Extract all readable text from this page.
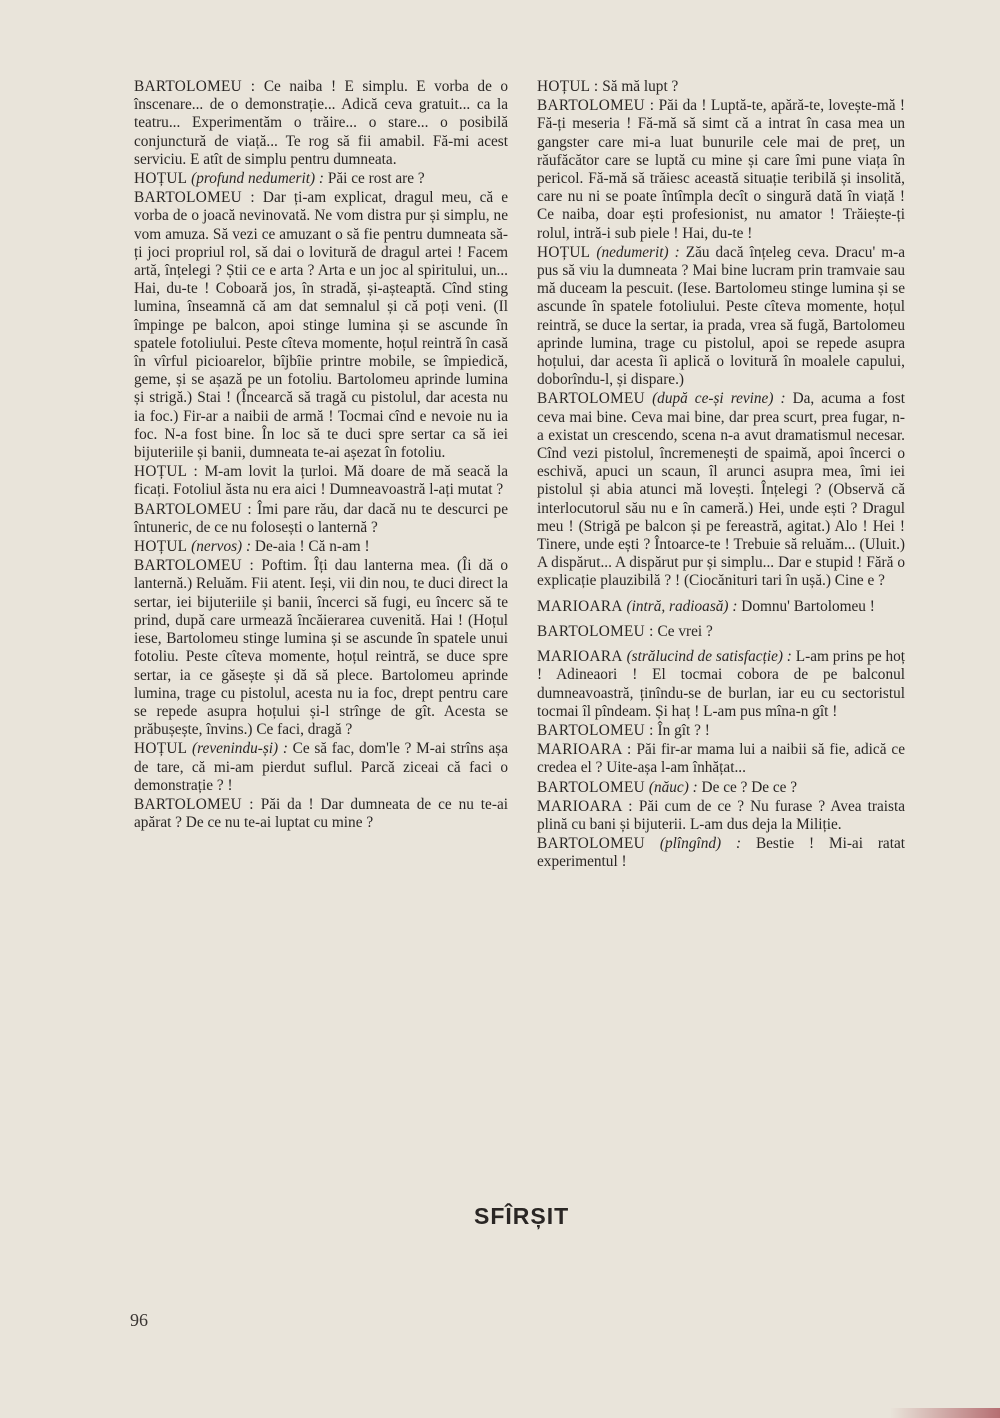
BARTOLOMEU : Ce naiba ! E simplu. E vorba de o înscenare... de o demonstrație... Adică ceva gratuit... ca la teatru... Experimentăm o trăire... o stare... o posibilă conjunctură de viață... Te rog să fii amabil. Fă-mi acest serviciu. E atît de simplu pentru dumneata.

HOȚUL (profund nedumerit) : Păi ce rost are ?

BARTOLOMEU : Dar ți-am explicat, dragul meu, că e vorba de o joacă nevinovată. Ne vom distra pur și simplu, ne vom amuza. Să vezi ce amuzant o să fie pentru dumneata să-ți joci propriul rol, să dai o lovitură de dragul artei ! Facem artă, înțelegi ? Știi ce e arta ? Arta e un joc al spiritului, un... Hai, du-te ! Coboară jos, în stradă, și-așteaptă. Cînd sting lumina, înseamnă că am dat semnalul și că poți veni. (Il împinge pe balcon, apoi stinge lumina și se ascunde în spatele fotoliului. Peste cîteva momente, hoțul reintră în casă în vîrful picioarelor, bîjbîie printre mobile, se împiedică, geme, și se așază pe un fotoliu. Bartolomeu aprinde lumina și strigă.) Stai ! (Încearcă să tragă cu pistolul, dar acesta nu ia foc.) Fir-ar a naibii de armă ! Tocmai cînd e nevoie nu ia foc. N-a fost bine. În loc să te duci spre sertar ca să iei bijuteriile și banii, dumneata te-ai așezat în fotoliu.

HOȚUL : M-am lovit la țurloi. Mă doare de mă seacă la ficați. Fotoliul ăsta nu era aici ! Dumneavoastră l-ați mutat ?

BARTOLOMEU : Îmi pare rău, dar dacă nu te descurci pe întuneric, de ce nu folosești o lanternă ?

HOȚUL (nervos) : De-aia ! Că n-am !

BARTOLOMEU : Poftim. Îți dau lanterna mea. (Îi dă o lanternă.) Reluăm. Fii atent. Ieși, vii din nou, te duci direct la sertar, iei bijuteriile și banii, încerci să fugi, eu încerc să te prind, după care urmează încăierarea cuvenită. Hai ! (Hoțul iese, Bartolomeu stinge lumina și se ascunde în spatele unui fotoliu. Peste cîteva momente, hoțul reintră, se duce spre sertar, ia ce găsește și dă să plece. Bartolomeu aprinde lumina, trage cu pistolul, acesta nu ia foc, drept pentru care se repede asupra hoțului și-l strînge de gît. Acesta se prăbușește, învins.) Ce faci, dragă ?

HOȚUL (revenindu-și) : Ce să fac, dom'le ? M-ai strîns așa de tare, că mi-am pierdut suflul. Parcă ziceai că faci o demonstrație ? !

BARTOLOMEU : Păi da ! Dar dumneata de ce nu te-ai apărat ? De ce nu te-ai luptat cu mine ?

HOȚUL : Să mă lupt ?

BARTOLOMEU : Păi da ! Luptă-te, apără-te, lovește-mă ! Fă-ți meseria ! Fă-mă să simt că a intrat în casa mea un gangster care mi-a luat bunurile cele mai de preț, un răufăcător care se luptă cu mine și care îmi pune viața în pericol. Fă-mă să trăiesc această situație teribilă și insolită, care nu ni se poate întîmpla decît o singură dată în viață ! Ce naiba, doar ești profesionist, nu amator ! Trăiește-ți rolul, intră-i sub piele ! Hai, du-te !

HOȚUL (nedumerit) : Zău dacă înțeleg ceva. Dracu' m-a pus să viu la dumneata ? Mai bine lucram prin tramvaie sau mă duceam la pescuit. (Iese. Bartolomeu stinge lumina și se ascunde în spatele fotoliului. Peste cîteva momente, hoțul reintră, se duce la sertar, ia prada, vrea să fugă, Bartolomeu aprinde lumina, trage cu pistolul, apoi se repede asupra hoțului, dar acesta îi aplică o lovitură în moalele capului, doborîndu-l, și dispare.)

BARTOLOMEU (după ce-și revine) : Da, acuma a fost ceva mai bine. Ceva mai bine, dar prea scurt, prea fugar, n-a existat un crescendo, scena n-a avut dramatismul necesar. Cînd vezi pistolul, încremenești de spaimă, apoi încerci o eschivă, apuci un scaun, îl arunci asupra mea, îmi iei pistolul și abia atunci mă lovești. Înțelegi ? (Observă că interlocutorul său nu e în cameră.) Hei, unde ești ? Dragul meu ! (Strigă pe balcon și pe fereastră, agitat.) Alo ! Hei ! Tinere, unde ești ? Întoarce-te ! Trebuie să reluăm... (Uluit.) A dispărut... A dispărut pur și simplu... Dar e stupid ! Fără o explicație plauzibilă ? ! (Ciocănituri tari în ușă.) Cine e ?

MARIOARA (intră, radioasă) : Domnu' Bartolomeu !

BARTOLOMEU : Ce vrei ?

MARIOARA (strălucind de satisfacție) : L-am prins pe hoț ! Adineaori ! El tocmai cobora de pe balconul dumneavoastră, ținîndu-se de burlan, iar eu cu sectoristul tocmai îl pîndeam. Și haț ! L-am pus mîna-n gît !

BARTOLOMEU : În gît ? !

MARIOARA : Păi fir-ar mama lui a naibii să fie, adică ce credea el ? Uite-așa l-am înhățat...

BARTOLOMEU (năuc) : De ce ? De ce ?

MARIOARA : Păi cum de ce ? Nu furase ? Avea traista plină cu bani și bijuterii. L-am dus deja la Miliție.

BARTOLOMEU (plîngînd) : Bestie ! Mi-ai ratat experimentul !

SFÎRȘIT
96
